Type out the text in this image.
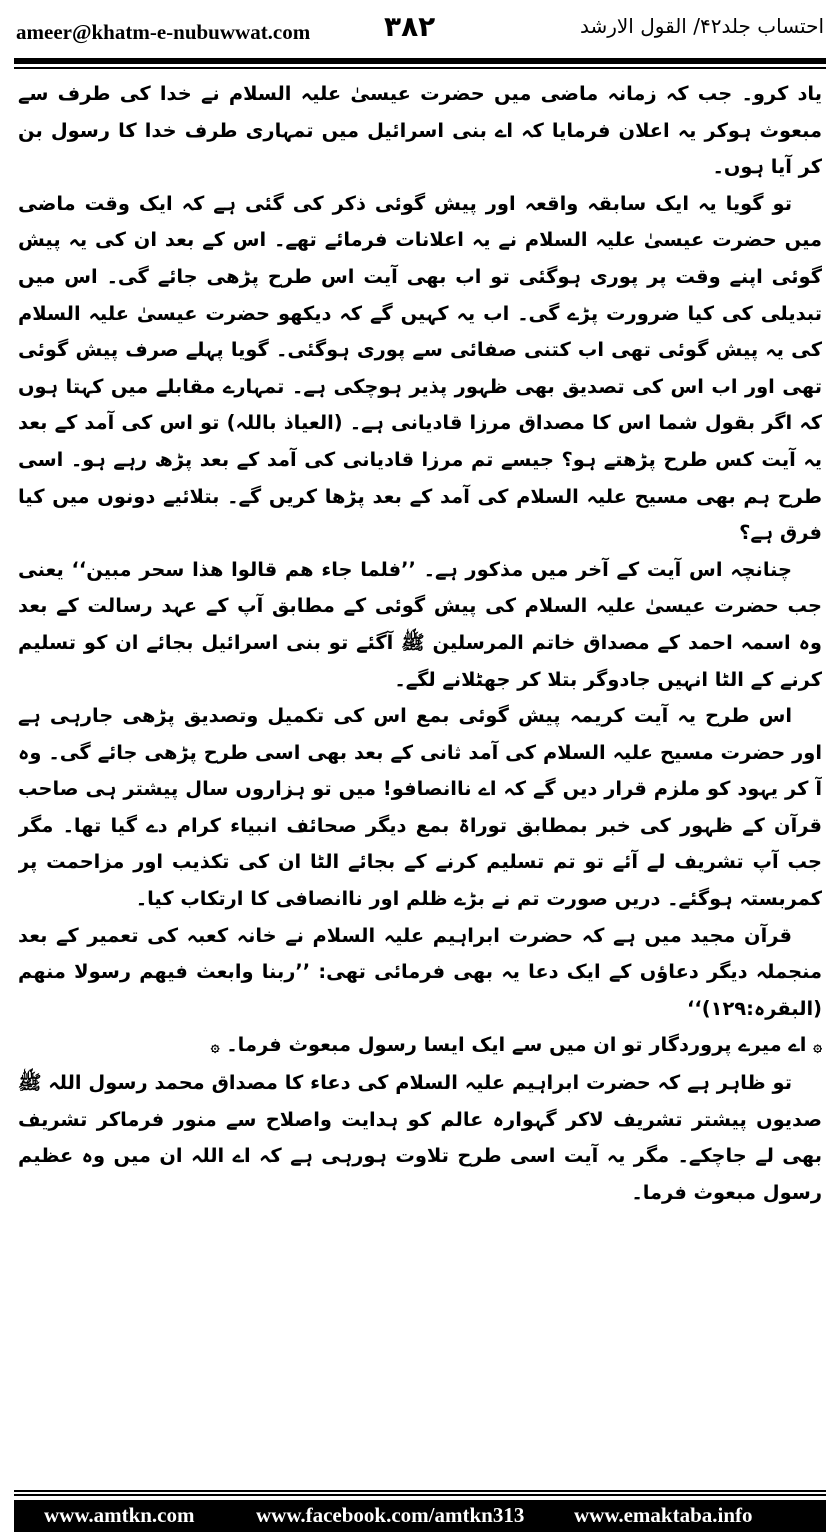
ameer@khatm-e-nubuwwat.com	۳۸۲	احتساب جلد۴۲/ القول الارشد

یاد کرو۔ جب کہ زمانہ ماضی میں حضرت عیسیٰ علیہ السلام نے خدا کی طرف سے مبعوث ہوکر یہ اعلان فرمایا کہ اے بنی اسرائیل میں تمہاری طرف خدا کا رسول بن کر آیا ہوں۔

تو گویا یہ ایک سابقہ واقعہ اور پیش گوئی ذکر کی گئی ہے کہ ایک وقت ماضی میں حضرت عیسیٰ علیہ السلام نے یہ اعلانات فرمائے تھے۔ اس کے بعد ان کی یہ پیش گوئی اپنے وقت پر پوری ہوگئی تو اب بھی آیت اس طرح پڑھی جائے گی۔ اس میں تبدیلی کی کیا ضرورت پڑے گی۔ اب یہ کہیں گے کہ دیکھو حضرت عیسیٰ علیہ السلام کی یہ پیش گوئی تھی اب کتنی صفائی سے پوری ہوگئی۔ گویا پہلے صرف پیش گوئی تھی اور اب اس کی تصدیق بھی ظہور پذیر ہوچکی ہے۔ تمہارے مقابلے میں کہتا ہوں کہ اگر بقول شما اس کا مصداق مرزا قادیانی ہے۔ (العیاذ باللہ) تو اس کی آمد کے بعد یہ آیت کس طرح پڑھتے ہو؟ جیسے تم مرزا قادیانی کی آمد کے بعد پڑھ رہے ہو۔ اسی طرح ہم بھی مسیح علیہ السلام کی آمد کے بعد پڑھا کریں گے۔ بتلائیے دونوں میں کیا فرق ہے؟

چنانچہ اس آیت کے آخر میں مذکور ہے۔ ’’فلما جاء ھم قالوا ھذا سحر مبین‘‘ یعنی جب حضرت عیسیٰ علیہ السلام کی پیش گوئی کے مطابق آپ کے عہد رسالت کے بعد وہ اسمہ احمد کے مصداق خاتم المرسلین ﷺ آگئے تو بنی اسرائیل بجائے ان کو تسلیم کرنے کے الٹا انہیں جادوگر بتلا کر جھٹلانے لگے۔

اس طرح یہ آیت کریمہ پیش گوئی بمع اس کی تکمیل وتصدیق پڑھی جارہی ہے اور حضرت مسیح علیہ السلام کی آمد ثانی کے بعد بھی اسی طرح پڑھی جائے گی۔ وہ آ کر یہود کو ملزم قرار دیں گے کہ اے ناانصافو! میں تو ہزاروں سال پیشتر ہی صاحب قرآن کے ظہور کی خبر بمطابق توراۃ بمع دیگر صحائف انبیاء کرام دے گیا تھا۔ مگر جب آپ تشریف لے آئے تو تم تسلیم کرنے کے بجائے الٹا ان کی تکذیب اور مزاحمت پر کمربستہ ہوگئے۔ دریں صورت تم نے بڑے ظلم اور ناانصافی کا ارتکاب کیا۔

قرآن مجید میں ہے کہ حضرت ابراہیم علیہ السلام نے خانہ کعبہ کی تعمیر کے بعد منجملہ دیگر دعاؤں کے ایک دعا یہ بھی فرمائی تھی: ’’ربنا وابعث فیھم رسولا منھم (البقرہ:۱۲۹)‘‘

۞ اے میرے پروردگار تو ان میں سے ایک ایسا رسول مبعوث فرما۔ ۞

تو ظاہر ہے کہ حضرت ابراہیم علیہ السلام کی دعاء کا مصداق محمد رسول اللہ ﷺ صدیوں پیشتر تشریف لاکر گہوارہ عالم کو ہدایت واصلاح سے منور فرماکر تشریف بھی لے جاچکے۔ مگر یہ آیت اسی طرح تلاوت ہورہی ہے کہ اے اللہ ان میں وہ عظیم رسول مبعوث فرما۔

www.amtkn.com	www.facebook.com/amtkn313 www.emaktaba.info
